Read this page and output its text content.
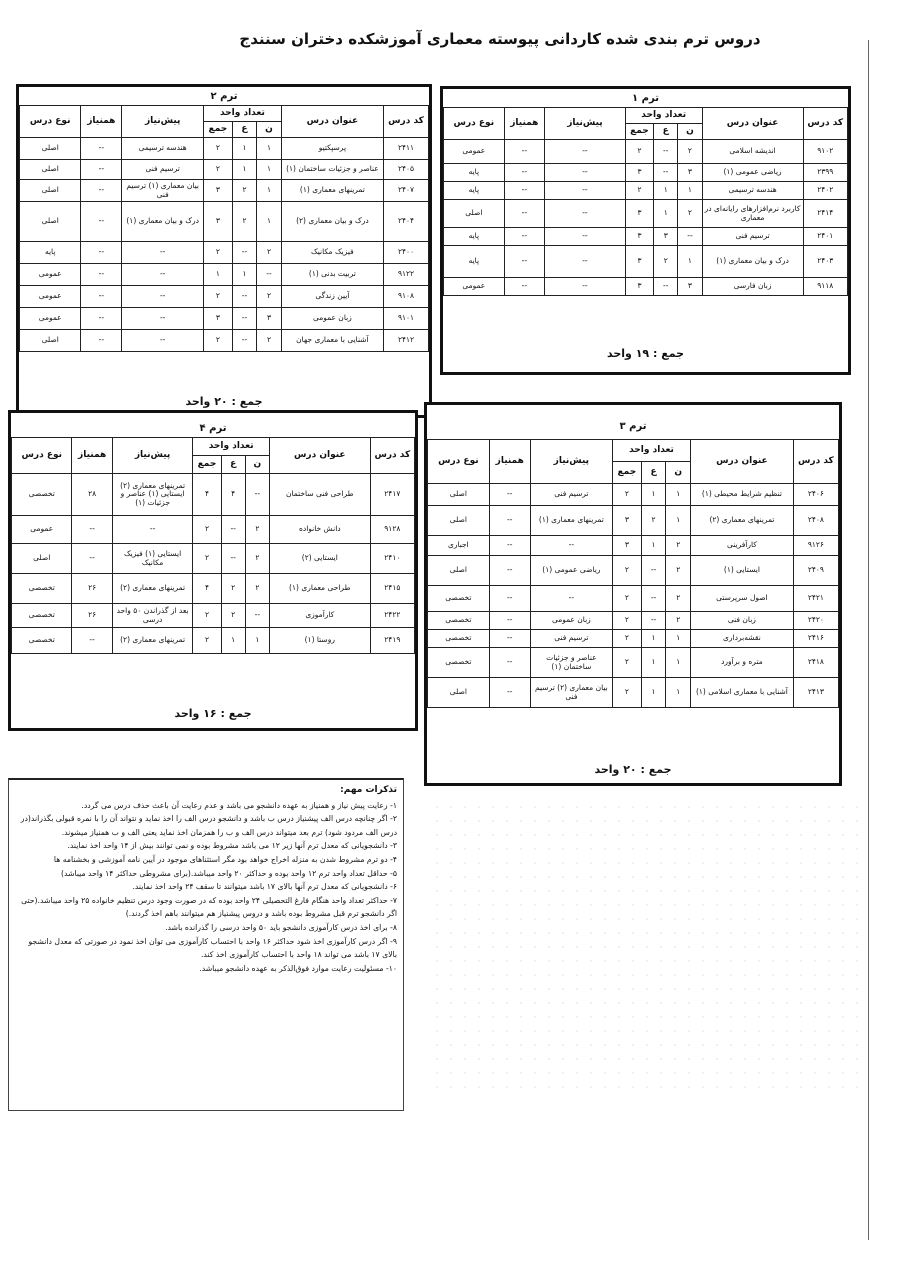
دروس ترم بندی شده کاردانی پیوسته معماری آموزشکده دختران سنندج
ترم ۱
کد درس	عنوان درس	تعداد واحد			پیش‌نیاز	همنیاز	نوع درس
		ن	ع	جمع			
۹۱۰۲	اندیشه اسلامی	۲	--	۲	--	--	عمومی
۲۳۹۹	ریاضی عمومی (۱)	۳	--	۳	--	--	پایه
۲۴۰۲	هندسه ترسیمی	۱	۱	۲	--	--	پایه
۲۴۱۴	کاربرد نرم‌افزارهای رایانه‌ای در معماری	۲	۱	۳	--	--	اصلی
۲۴۰۱	ترسیم فنی	--	۳	۳	--	--	پایه
۲۴۰۳	درک و بیان معماری (۱)	۱	۲	۳	--	--	پایه
۹۱۱۸	زبان فارسی	۳	--	۳	--	--	عمومی
جمع : ۱۹ واحد
ترم ۲
کد درس	عنوان درس	تعداد واحد			پیش‌نیاز	همنیاز	نوع درس
		ن	ع	جمع			
۲۴۱۱	پرسپکتیو	۱	۱	۲	هندسه ترسیمی	--	اصلی
۲۴۰۵	عناصر و جزئیات ساختمان (۱)	۱	۱	۲	ترسیم فنی	--	اصلی
۲۴۰۷	تمرینهای معماری (۱)	۱	۲	۳	بیان معماری (۱) ترسیم فنی	--	اصلی
۲۴۰۴	درک و بیان معماری (۲)	۱	۲	۳	درک و بیان معماری (۱)	--	اصلی
۲۴۰۰	فیزیک مکانیک	۲	--	۲	--	--	پایه
۹۱۲۲	تربیت بدنی (۱)	--	۱	۱	--	--	عمومی
۹۱۰۸	آیین زندگی	۲	--	۲	--	--	عمومی
۹۱۰۱	زبان عمومی	۳	--	۳	--	--	عمومی
۲۴۱۲	آشنایی با معماری جهان	۲	--	۲	--	--	اصلی
جمع : ۲۰ واحد
ترم ۳
کد درس	عنوان درس	تعداد واحد			پیش‌نیاز	همنیاز	نوع درس
		ن	ع	جمع			
۲۴۰۶	تنظیم شرایط محیطی (۱)	۱	۱	۲	ترسیم فنی	--	اصلی
۲۴۰۸	تمرینهای معماری (۲)	۱	۲	۳	تمرینهای معماری (۱)	--	اصلی
۹۱۲۶	کارآفرینی	۲	۱	۳	--	--	اجباری
۲۴۰۹	ایستایی (۱)	۲	--	۲	ریاضی عمومی (۱)	--	اصلی
۲۴۲۱	اصول سرپرستی	۲	--	۲	--	--	تخصصی
۲۴۲۰	زبان فنی	۲	--	۲	زبان عمومی	--	تخصصی
۲۴۱۶	نقشه‌برداری	۱	۱	۲	ترسیم فنی	--	تخصصی
۲۴۱۸	متره و برآورد	۱	۱	۲	عناصر و جزئیات ساختمان (۱)	--	تخصصی
۲۴۱۳	آشنایی با معماری اسلامی (۱)	۱	۱	۲	بیان معماری (۲) ترسیم فنی	--	اصلی
جمع : ۲۰ واحد
ترم ۴
کد درس	عنوان درس	تعداد واحد			پیش‌نیاز	همنیاز	نوع درس
		ن	ع	جمع			
۲۴۱۷	طراحی فنی ساختمان	--	۴	۴	تمرینهای معماری (۲) ایستایی (۱) عناصر و جزئیات (۱)	۲۸	تخصصی
۹۱۲۸	دانش خانواده	۲	--	۲	--	--	عمومی
۲۴۱۰	ایستایی (۲)	۲	--	۲	ایستایی (۱) فیزیک مکانیک	--	اصلی
۲۴۱۵	طراحی معماری (۱)	۲	۲	۴	تمرینهای معماری (۲)	۲۶	تخصصی
۲۴۲۲	کارآموزی	--	۲	۲	بعد از گذراندن ۵۰ واحد درسی	۲۶	تخصصی
۲۴۱۹	روستا (۱)	۱	۱	۲	تمرینهای معماری (۲)	--	تخصصی
جمع : ۱۶ واحد
تذکرات مهم:

۱- رعایت پیش نیاز و همنیاز به عهده دانشجو می باشد و عدم رعایت آن باعث حذف درس می گردد.

۲- اگر چنانچه درس الف پیشنیاز درس ب باشد و دانشجو درس الف را اخذ نماید و نتواند آن را با نمره قبولی بگذراند(در درس الف مردود شود) ترم بعد میتواند درس الف و ب را همزمان اخذ نماید یعنی الف و ب همنیاز میشوند.

۳- دانشجویانی که معدل ترم آنها زیر ۱۲ می باشد مشروط بوده و نمی توانند بیش از ۱۴ واحد اخذ نمایند.

۴- دو ترم مشروط شدن به منزله اخراج خواهد بود مگر استثناهای موجود در آیین نامه آموزشی و بخشنامه ها

۵- حداقل تعداد واحد ترم ۱۲ واحد بوده و حداکثر ۲۰ واحد میباشد.(برای مشروطی حداکثر ۱۴ واحد میباشد)

۶- دانشجویانی که معدل ترم آنها بالای ۱۷ باشد میتوانند تا سقف ۲۴ واحد اخذ نمایند.

۷- حداکثر تعداد واحد هنگام فارغ التحصیلی ۲۴ واحد بوده که در صورت وجود درس تنظیم خانواده ۲۵ واحد میباشد.(حتی اگر دانشجو ترم قبل مشروط بوده باشد و دروس پیشنیاز هم میتوانند باهم اخذ گردند.)

۸- برای اخذ درس کارآموزی دانشجو باید ۵۰ واحد درسی را گذرانده باشد.

۹- اگر درس کارآموزی اخذ شود حداکثر ۱۶ واحد با احتساب کارآموزی می توان اخذ نمود در صورتی که معدل دانشجو بالای ۱۷ باشد می تواند ۱۸ واحد با احتساب کارآموزی اخذ کند.

۱۰- مسئولیت رعایت موارد فوق‌الذکر به عهده دانشجو میباشد.
